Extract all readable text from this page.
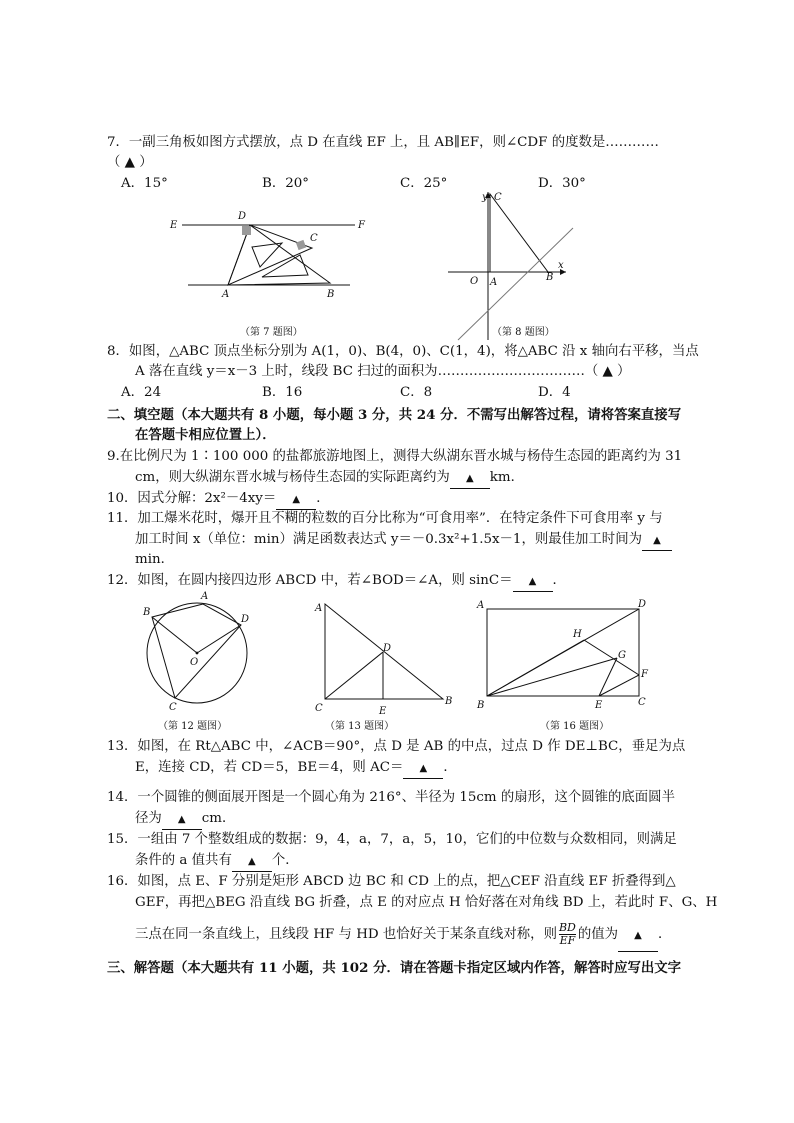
7．一副三角板如图方式摆放，点 D 在直线 EF 上，且 AB∥EF，则∠CDF 的度数是…………
（ ▲ ）
A．15°	B．20°	C．25°	D．30°
E	F
D
C
A	B
（第 7 题图）
y C
x
O A	B
（第 8 题图）
8．如图，△ABC 顶点坐标分别为 A(1，0)、B(4，0)、C(1，4)，将△ABC 沿 x 轴向右平移，当点
A 落在直线 y＝x－3 上时，线段 BC 扫过的面积为……………………………（ ▲ ）
A．24	B．16	C．8	D．4
二、填空题（本大题共有 8 小题，每小题 3 分，共 24 分．不需写出解答过程，请将答案直接写
在答题卡相应位置上）．
9.在比例尺为 1∶100 000 的盐都旅游地图上，测得大纵湖东晋水城与杨侍生态园的距离约为 31
cm，则大纵湖东晋水城与杨侍生态园的实际距离约为 ▲ km．
10．因式分解：2x²－4xy＝ ▲ ．
11．加工爆米花时，爆开且不糊的粒数的百分比称为“可食用率”．在特定条件下可食用率 y 与
加工时间 x（单位：min）满足函数表达式 y＝－0.3x²+1.5x－1，则最佳加工时间为 ▲
min．
12．如图，在圆内接四边形 ABCD 中，若∠BOD＝∠A，则 sinC＝ ▲ ．
A
B
D
O
C
（第 12 题图）
A
D
C	E
B
（第 13 题图）
A	D
H
G
F
B	E	C
（第 16 题图）
13．如图，在 Rt△ABC 中，∠ACB＝90°，点 D 是 AB 的中点，过点 D 作 DE⊥BC，垂足为点
E，连接 CD，若 CD＝5，BE＝4，则 AC＝ ▲ ．
14．一个圆锥的侧面展开图是一个圆心角为 216°、半径为 15cm 的扇形，这个圆锥的底面圆半
径为 ▲ cm．
15．一组由 7 个整数组成的数据：9，4，a，7，a，5，10，它们的中位数与众数相同，则满足
条件的 a 值共有 ▲ 个．
16．如图，点 E、F 分别是矩形 ABCD 边 BC 和 CD 上的点，把△CEF 沿直线 EF 折叠得到△
GEF，再把△BEG 沿直线 BG 折叠，点 E 的对应点 H 恰好落在对角线 BD 上，若此时 F、G、H
三点在同一条直线上，且线段 HF 与 HD 也恰好关于某条直线对称，则 $\frac{BD}{EF}$ 的值为 ▲ ．
三、解答题（本大题共有 11 小题，共 102 分．请在答题卡指定区域内作答，解答时应写出文字
